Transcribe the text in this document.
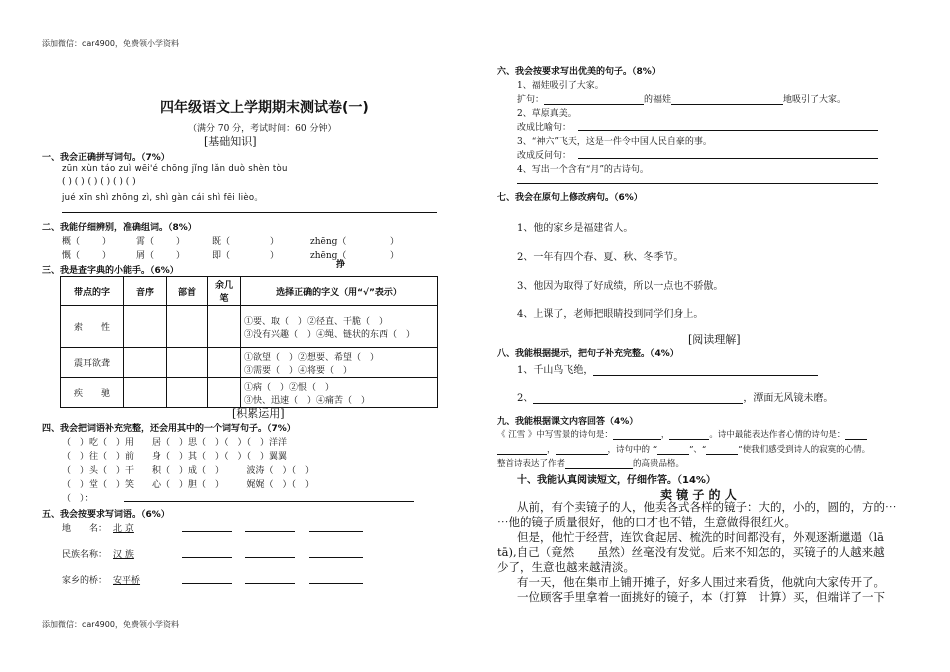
添加微信：car4900，免费领小学资料
添加微信：car4900，免费领小学资料
四年级语文上学期期末测试卷(一)
（满分 70 分，考试时间：60 分钟）
[基础知识]
一、我会正确拼写词句。（7%）
zūn xùn táo zuì wēi'é chōng jǐng lǎn duò shèn tòu
( ) ( ) ( ) ( ) ( ) ( )
jué xīn shì zhōng zì, shì gàn cái shì fēi lièo。
二、我能仔细辨别，准确组词。（8%）
概（ ）	霄（ ）	既（	）	zhēng（	）
慨（ ）	屑（ ）	即（	）	zhēng（	）
挣
三、我是查字典的小能手。（6%）
带点的字	音序	部首	余几笔	选择正确的字义（用“√”表示）
索　　性				①要、取（　）②径直、干脆（　）
③没有兴趣（　）④绳、链状的东西（　）

震耳欲聋				①欲望（　）②想要、希望（　）
③需要（　）④将要（　）

疾　　驰				①病（　）②恨（　）
③快、迅速（　）④痛苦（　）
[积累运用]
四、我会把词语补充完整，还会用其中的一个词写句子。（7%）
（　）吃（　）用　　居（　）思（　）（　）（　）洋洋
（　）往（　）前　　身（　）其（　）（　）（　）翼翼
（　）头（　）干　　积（　）成（　）　　　波涛（　）（　）
（　）堂（　）笑　　心（　）胆（　）　　　娓娓（　）（　）
（　）：
五、我会按要求写词语。（6%）
地　　名： 北 京
民族名称： 汉 族
家乡的桥： 安平桥
六、我会按要求写出优美的句子。（8%）
1、福娃吸引了大家。
扩句：	的福娃	地吸引了大家。
2、草原真美。
改成比喻句：
3、“神六”飞天，这是一件令中国人民自豪的事。
改成反问句：
4、写出一个含有“月”的古诗句。
七、我会在原句上修改病句。（6%）
1、他的家乡是福建省人。
2、一年有四个春、夏、秋、冬季节。
3、他因为取得了好成绩，所以一点也不骄傲。
4、上课了，老师把眼睛投到同学们身上。
[阅读理解]
八、我能根据提示，把句子补充完整。（4%）
1、千山鸟飞绝，
2、	，潭面无风镜未磨。
九、我能根据课文内容回答（4%）
《 江雪 》中写雪景的诗句是：	，	。诗中最能表达作者心情的诗句是：
，	，诗句中的 “	”、“	”使我们感受到诗人的寂寞的心情。
整首诗表达了作者	的高贵品格。
十、我能认真阅读短文，仔细作答。（14%）
卖 镜 子 的 人
从前，有个卖镜子的人，他卖各式各样的镜子：大的，小的，圆的，方的⋯
⋯他的镜子质量很好，他的口才也不错，生意做得很红火。
但是，他忙于经营，连饮食起居、梳洗的时间都没有，外观逐渐邋遢（lā
tā),自己（竟然　　虽然）丝毫没有发觉。后来不知怎的，买镜子的人越来越
少了，生意也越来越清淡。
有一天，他在集市上铺开摊子，好多人围过来看货，他就向大家传开了。
一位顾客手里拿着一面挑好的镜子，本（打算　计算）买，但端详了一下
